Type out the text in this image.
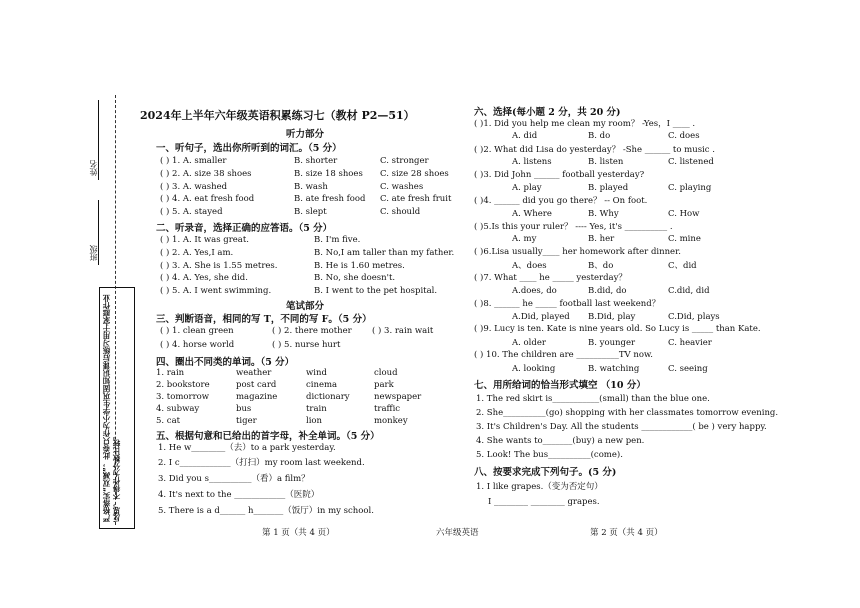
姓名
班级
严格落实“双减”，此卷只作为小学生巩固知识课后练习用于家庭作业反思，不得作为分数比较。
2024年上半年六年级英语积累练习七（教材 P2—51）
听力部分
一、听句子，选出你所听到的词汇。（5 分）
( ) 1. A. smaller	B. shorter	C. stronger
( ) 2. A. size 38 shoes	B. size 18 shoes C. size 28 shoes
( ) 3. A. washed	B. wash	C. washes
( ) 4. A. eat fresh food	B. ate fresh food C. ate fresh fruit
( ) 5. A. stayed	B. slept	C. should
二、听录音，选择正确的应答语。（5 分）
( ) 1. A. It was great.	B. I'm five.
( ) 2. A. Yes,I am.	B. No,I am taller than my father.
( ) 3. A. She is 1.55 metres.	B. He is 1.60 metres.
( ) 4. A. Yes, she did.	B. No, she doesn't.
( ) 5. A. I went swimming.	B. I went to the pet hospital.
笔试部分
三、判断语音，相同的写 T，不同的写 F。（5 分）
( ) 1. clean green	( ) 2. there mother ( ) 3. rain wait
( ) 4. horse world	( ) 5. nurse hurt
四、圈出不同类的单词。（5 分）
1. rain	weather	wind	cloud
2. bookstore	post card	cinema	park
3. tomorrow	magazine	dictionary	newspaper
4. subway	bus	train	traffic
5. cat	tiger	lion	monkey
五、根据句意和已给出的首字母，补全单词。（5 分）
1. He w________（去）to a park yesterday.
2. I c____________（打扫）my room last weekend.
3. Did you s__________（看）a film？
4. It's next to the ____________（医院）
5. There is a d______ h_______（饭厅）in my school.
第 1 页（共 4 页）	六年级英语
六、选择(每小题 2 分，共 20 分)
( )1. Did you help me clean my room？ -Yes，I ____ .
A. did	B. do	C. does
( )2. What did Lisa do yesterday？ -She ______ to music .
A. listens	B. listen	C. listened
( )3. Did John ______ football yesterday?
A. play	B. played	C. playing
( )4. ______ did you go there？ -- On foot.
A. Where	B. Why	C. How
( )5.Is this your ruler？ ---- Yes, it's __________ .
A. my	B. her	C. mine
( )6.Lisa usually____ her homework after dinner.
A、does	B、do	C、did
( )7. What ____ he _____ yesterday？
A.does, do	B.did, do	C.did, did
( )8. ______ he _____ football last weekend？
A.Did, played B.Did, play	C.Did, plays
( )9. Lucy is ten. Kate is nine years old. So Lucy is _____ than Kate.
A. older	B. younger	C. heavier
( ) 10. The children are __________TV now.
A. looking	B. watching	C. seeing
七、用所给词的恰当形式填空 （10 分）
1. The red skirt is___________(small) than the blue one.
2. She__________(go) shopping with her classmates tomorrow evening.
3. It's Children's Day. All the students ____________( be ) very happy.
4. She wants to_______(buy) a new pen.
5. Look! The bus__________(come).
八、按要求完成下列句子。(5 分)
1. I like grapes.（变为否定句）
I ________ ________ grapes.
第 2 页（共 4 页）
